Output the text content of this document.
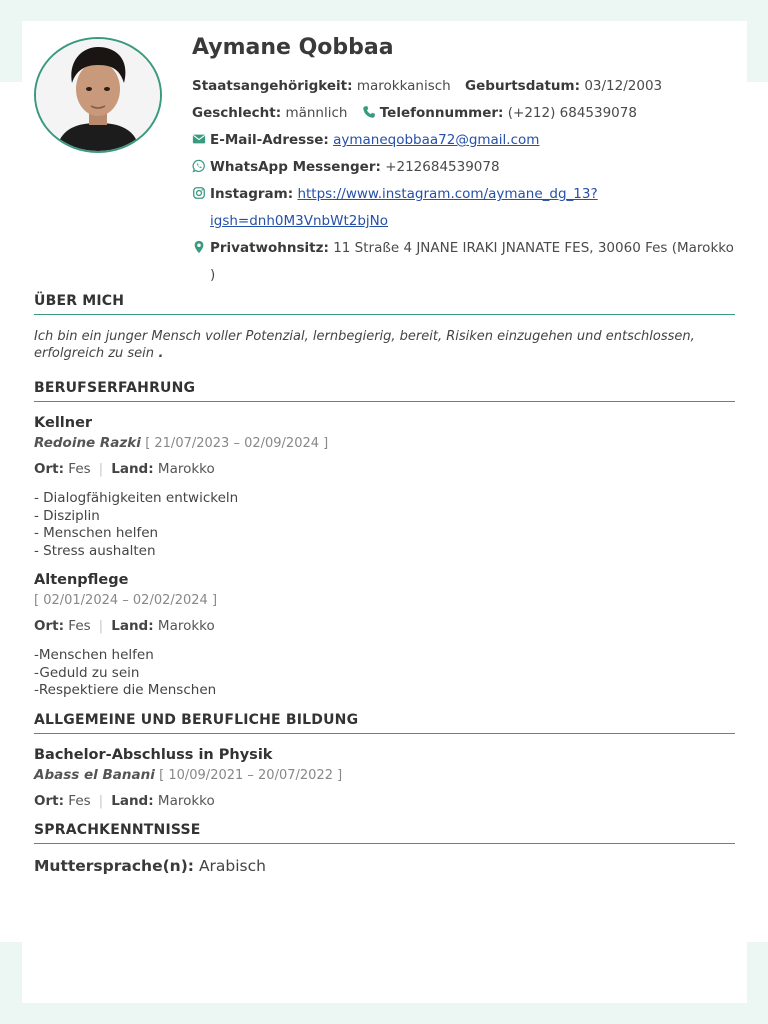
Aymane Qobbaa
Staatsangehörigkeit: marokkanisch Geburtsdatum: 03/12/2003
Geschlecht: männlich Telefonnummer: (+212) 684539078
E-Mail-Adresse: aymaneqobbaa72@gmail.com
WhatsApp Messenger: +212684539078
Instagram: https://www.instagram.com/aymane_dg_13?
igsh=dnh0M3VnbWt2bjNo
Privatwohnsitz: 11 Straße 4 JNANE IRAKI JNANATE FES, 30060 Fes (Marokko
)
ÜBER MICH
Ich bin ein junger Mensch voller Potenzial, lernbegierig, bereit, Risiken einzugehen und entschlossen, erfolgreich zu sein .
BERUFSERFAHRUNG
Kellner
Redoine Razki [ 21/07/2023 – 02/09/2024 ]
Ort: Fes | Land: Marokko
- Dialogfähigkeiten entwickeln
- Disziplin
- Menschen helfen
- Stress aushalten
Altenpflege
[ 02/01/2024 – 02/02/2024 ]
Ort: Fes | Land: Marokko
-Menschen helfen
-Geduld zu sein
-Respektiere die Menschen
ALLGEMEINE UND BERUFLICHE BILDUNG
Bachelor-Abschluss in Physik
Abass el Banani [ 10/09/2021 – 20/07/2022 ]
Ort: Fes | Land: Marokko
SPRACHKENNTNISSE
Muttersprache(n): Arabisch
